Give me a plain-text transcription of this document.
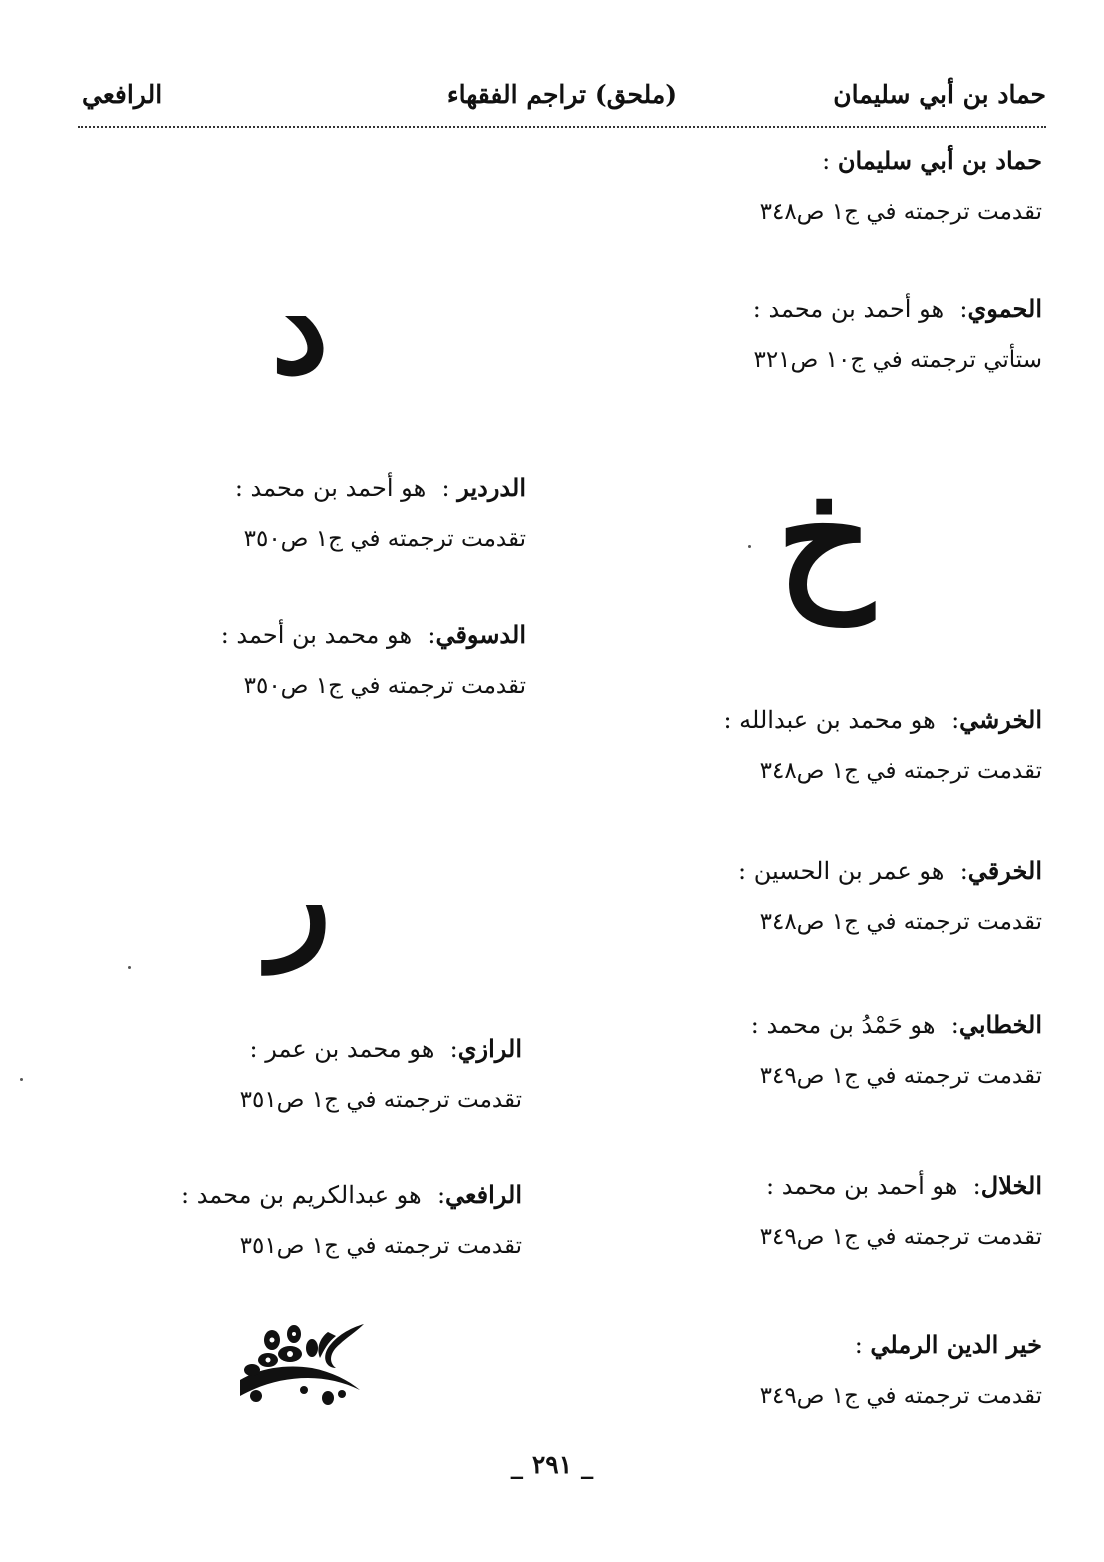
حماد بن أبي سليمان
(ملحق) تراجم الفقهاء
الرافعي
حماد بن أبي سليمان :
تقدمت ترجمته في ج١ ص٣٤٨
الحموي:  هو أحمد بن محمد :
ستأتي ترجمته في ج١٠ ص٣٢١
الخرشي:  هو محمد بن عبدالله :
تقدمت ترجمته في ج١ ص٣٤٨
الخرقي:  هو عمر بن الحسين :
تقدمت ترجمته في ج١ ص٣٤٨
الخطابي:  هو حَمْدُ بن محمد :
تقدمت ترجمته في ج١ ص٣٤٩
الخلال:  هو أحمد بن محمد :
تقدمت ترجمته في ج١ ص٣٤٩
خير الدين الرملي :
تقدمت ترجمته في ج١ ص٣٤٩
الدردير :  هو أحمد بن محمد :
تقدمت ترجمته في ج١ ص٣٥٠
الدسوقي:  هو محمد بن أحمد :
تقدمت ترجمته في ج١ ص٣٥٠
الرازي:  هو محمد بن عمر :
تقدمت ترجمته في ج١ ص٣٥١
الرافعي:  هو عبدالكريم بن محمد :
تقدمت ترجمته في ج١ ص٣٥١
د
خ
ر
_ ٢٩١ _
